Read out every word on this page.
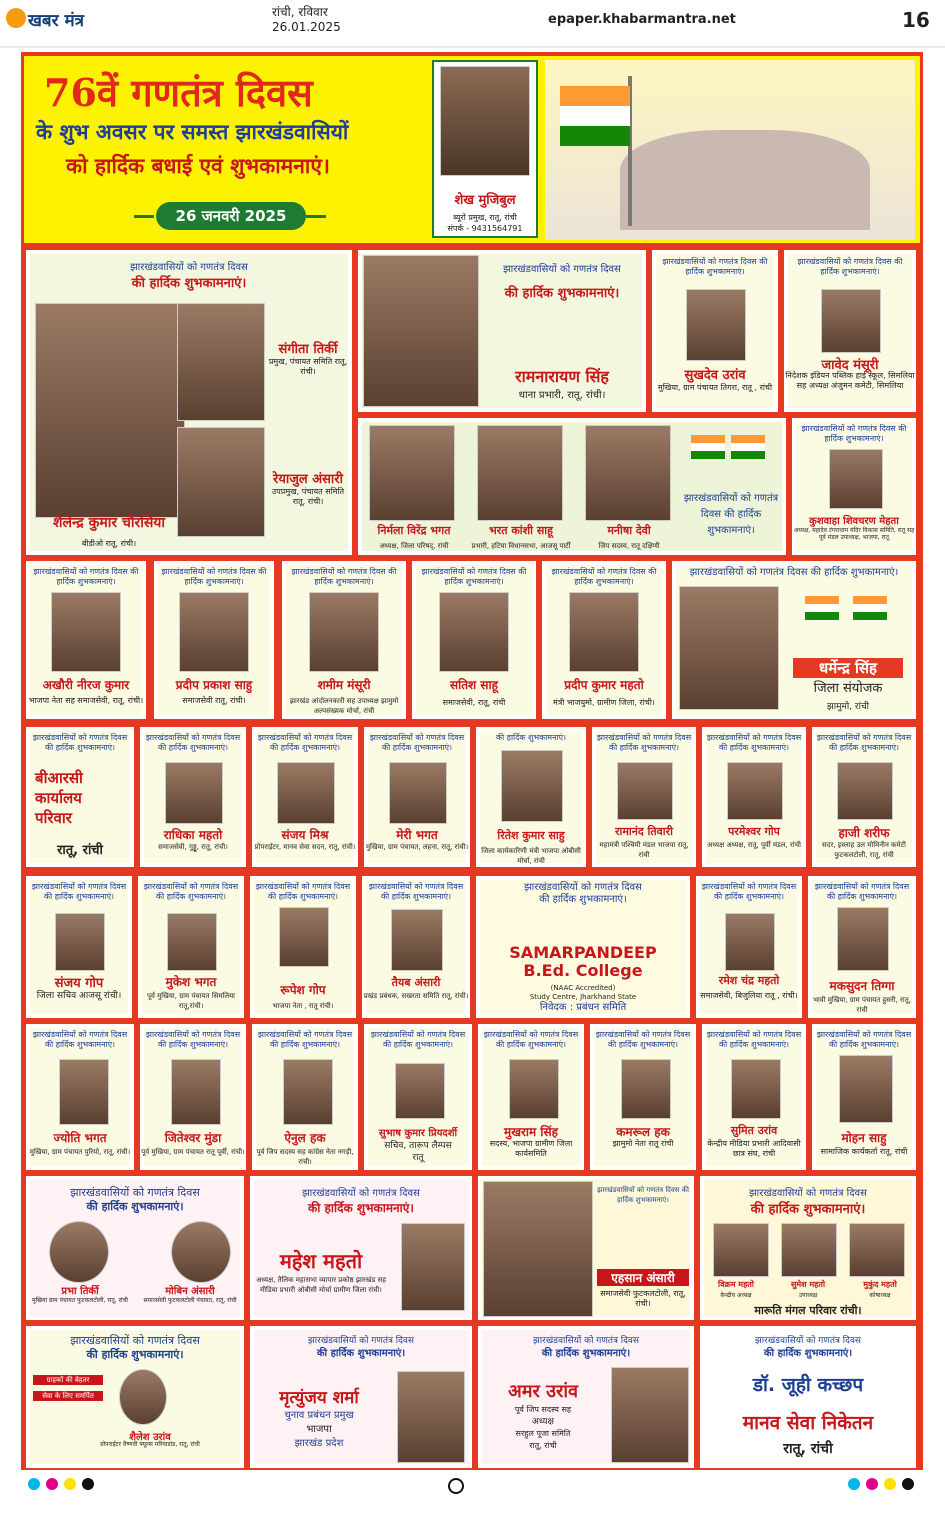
खबर मंत्र	रांची, रविवार
26.01.2025	epaper.khabarmantra.net	16
76वें गणतंत्र दिवस
के शुभ अवसर पर समस्त झारखंडवासियों
को हार्दिक बधाई एवं शुभकामनाएं।
26 जनवरी 2025
शेख मुजिबुल
ब्यूरो प्रमुख, रातू, रांची
संपर्क - 9431564791
झारखंडवासियों को गणतंत्र दिवस
की हार्दिक शुभकामनाएं।
शैलेन्द्र कुमार चौरसिया
बीडीओ रातू, रांची।
संगीता तिर्की
प्रमुख, पंचायत समिति रातू, रांची।
रेयाजुल अंसारी
उपप्रमुख, पंचायत समिति रातू, रांची।
झारखंडवासियों को गणतंत्र दिवस
की हार्दिक शुभकामनाएं।
रामनारायण सिंह
थाना प्रभारी, रातू, रांची।
झारखंडवासियों को गणतंत्र दिवस की हार्दिक शुभकामनाएं।
सुखदेव उरांव
मुखिया, ग्राम पंचायत तिगरा, रातू , रांची
झारखंडवासियों को गणतंत्र दिवस की हार्दिक शुभकामनाएं।
जावेद मंसूरी
निदेशक इंडियन पब्लिक हाई स्कूल, सिमलिया सह अध्यक्ष अंजुमन कमेटी, सिमलिया
निर्मला विरेंद्र भगत
अध्यक्ष, जिला परिषद्, रांची
भरत कांशी साहू
प्रभारी, हटिया विधानसभा, आजसू पार्टी
मनीषा देवी
जिप सदस्य, रातू दक्षिणी
झारखंडवासियों को गणतंत्र दिवस की हार्दिक शुभकामनाएं।
झारखंडवासियों को गणतंत्र दिवस की हार्दिक शुभकामनाएं।
कुशवाहा शिवचरण मेहता
अध्यक्ष, महादेव टंगराधाम मंदिर विकास समिति, रातू सह पूर्व मंडल उपाध्यक्ष, भाजपा, रातू
झारखंडवासियों को गणतंत्र दिवस की हार्दिक शुभकामनाएं।
अखौरी नीरज कुमार
भाजपा नेता सह समाजसेवी, रातू, रांची।
झारखंडवासियों को गणतंत्र दिवस की हार्दिक शुभकामनाएं।
प्रदीप प्रकाश साहु
समाजसेवी रातू, रांची।
झारखंडवासियों को गणतंत्र दिवस की हार्दिक शुभकामनाएं।
शमीम मंसूरी
झारखंड आंदोलनकारी सह उपाध्यक्ष झामुमो अल्पसंख्यक मोर्चा, रांची
झारखंडवासियों को गणतंत्र दिवस की हार्दिक शुभकामनाएं।
सतिश साहू
समाजसेवी, रातू, रांची
झारखंडवासियों को गणतंत्र दिवस की हार्दिक शुभकामनाएं।
प्रदीप कुमार महतो
मंत्री भाजयुमो, ग्रामीण जिला, रांची।
झारखंडवासियों को गणतंत्र दिवस की हार्दिक शुभकामनाएं।
धर्मेन्द्र सिंह
जिला संयोजक
झामुमो, रांची
झारखंडवासियों को गणतंत्र दिवस की हार्दिक शुभकामनाएं।
बीआरसी
कार्यालय
परिवार
रातू, रांची
झारखंडवासियों को गणतंत्र दिवस की हार्दिक शुभकामनाएं।
राधिका महतो
समाजसेवी, गुड्डू, रातू, रांची।
झारखंडवासियों को गणतंत्र दिवस की हार्दिक शुभकामनाएं।
संजय मिश्र
प्रोपराईटर, मानव सेवा सदन, रातू, रांची।
झारखंडवासियों को गणतंत्र दिवस की हार्दिक शुभकामनाएं।
मेरी भगत
मुखिया, ग्राम पंचायत, लहना, रातू, रांची।
की हार्दिक शुभकामनाएं।
रितेश कुमार साहु
जिला कार्यकारिणी मंत्री भाजपा ओबीसी मोर्चा, रांची
झारखंडवासियों को गणतंत्र दिवस की हार्दिक शुभकामनाएं।
रामानंद तिवारी
महामंत्री पश्चिमी मंडल भाजपा रातू, रांची
झारखंडवासियों को गणतंत्र दिवस की हार्दिक शुभकामनाएं।
परमेश्वर गोप
अध्यक्ष अध्यक्ष, रातू, पूर्वी मंडल, रांची
झारखंडवासियों को गणतंत्र दिवस की हार्दिक शुभकामनाएं।
हाजी शरीफ
सदर, इस्लाह उल मोमिनीन कमेटी फुटकलटोली, रातू, रांची
झारखंडवासियों को गणतंत्र दिवस की हार्दिक शुभकामनाएं।
संजय गोप
जिला सचिव आजसू रांची।
झारखंडवासियों को गणतंत्र दिवस की हार्दिक शुभकामनाएं।
मुकेश भगत
पूर्व मुखिया, ग्राम पंचायत सिमलिया रातू,रांची।
झारखंडवासियों को गणतंत्र दिवस की हार्दिक शुभकामनाएं।
रूपेश गोप
भाजपा नेता , रातू रांची।
झारखंडवासियों को गणतंत्र दिवस की हार्दिक शुभकामनाएं।
तैयब अंसारी
प्रखंड प्रबंधक, सखरता समिति रातू, रांची।
झारखंडवासियों को गणतंत्र दिवस
की हार्दिक शुभकामनाएं।
SAMARPANDEEP
B.Ed. College
(NAAC Accredited)
Study Centre, Jharkhand State
निवेदक : प्रबंधन समिति
झारखंडवासियों को गणतंत्र दिवस की हार्दिक शुभकामनाएं।
रमेश चंद्र महतो
समाजसेवी, बिजुलिया रातू , रांची।
झारखंडवासियों को गणतंत्र दिवस की हार्दिक शुभकामनाएं।
मकसुदन तिग्गा
भावी मुखिया, ग्राम पंचायत हुसरी, रातू, रांची
झारखंडवासियों को गणतंत्र दिवस की हार्दिक शुभकामनाएं।
ज्योति भगत
मुखिया, ग्राम पंचायत पुरियो, रातू, रांची।
झारखंडवासियों को गणतंत्र दिवस की हार्दिक शुभकामनाएं।
जितेश्वर मुंडा
पूर्व मुखिया, ग्राम पंचायत रातू पूर्वी, रांची।
झारखंडवासियों को गणतंत्र दिवस की हार्दिक शुभकामनाएं।
ऐनुल हक
पूर्व जिप सदस्य सह कांग्रेस नेता नगड़ी, रांची।
झारखंडवासियों को गणतंत्र दिवस की हार्दिक शुभकामनाएं।
सुभाष कुमार प्रियदर्शी
सचिव, तारूप लैम्पस
रातू
झारखंडवासियों को गणतंत्र दिवस की हार्दिक शुभकामनाएं।
मुखराम सिंह
सदस्य, भाजपा ग्रामीण जिला कार्यसमिति
झारखंडवासियों को गणतंत्र दिवस की हार्दिक शुभकामनाएं।
कमरूल हक
झामुमो नेता रातू रांची
झारखंडवासियों को गणतंत्र दिवस की हार्दिक शुभकामनाएं।
सुमित उरांव
केन्द्रीय मीडिया प्रभारी आदिवासी छात्र संघ, रांची
झारखंडवासियों को गणतंत्र दिवस की हार्दिक शुभकामनाएं।
मोहन साहु
सामाजिक कार्यकर्ता रातू, रांची
झारखंडवासियों को गणतंत्र दिवस
की हार्दिक शुभकामनाएं।
प्रभा तिर्की
मुखिया ग्राम पंचायत फुटकलटोली, रातू, रांची
मोबिन अंसारी
समाजसेवी फुटकलटोली पंचायत, रातू, रांची
झारखंडवासियों को गणतंत्र दिवस
की हार्दिक शुभकामनाएं।
महेश महतो
अध्यक्ष, तैलिक महासभा व्यापार प्रकोष्ठ झारखंड सह मीडिया प्रभारी ओबीसी मोर्चा ग्रामीण जिला रांची।
झारखंडवासियों को गणतंत्र दिवस की हार्दिक शुभकामनाएं।
एहसान अंसारी
समाजसेवी फुटकलटोली, रातू, रांची।
झारखंडवासियों को गणतंत्र दिवस
की हार्दिक शुभकामनाएं।
विक्रम महतो
केन्द्रीय अध्यक्ष
सुमेश महतो
उपाध्यक्ष
मुकुंद महतो
कोषाध्यक्ष
मारूति मंगल परिवार रांची।
झारखंडवासियों को गणतंत्र दिवस
की हार्दिक शुभकामनाएं।
ग्राहकों की बेहतर
सेवा के लिए समर्पित
शैलेश उरांव
प्रोपराईटर वैष्णवी फ्यूल्स मरियाडांड, रातू, रांची
झारखंडवासियों को गणतंत्र दिवस
की हार्दिक शुभकामनाएं।
मृत्युंजय शर्मा
चुनाव प्रबंधन प्रमुख
भाजपा
झारखंड प्रदेश
झारखंडवासियों को गणतंत्र दिवस
की हार्दिक शुभकामनाएं।
अमर उरांव
पूर्व जिप सदस्य सह
अध्यक्ष
सरहुल पूजा समिति
रातू, रांची
झारखंडवासियों को गणतंत्र दिवस
की हार्दिक शुभकामनाएं।
डॉ. जूही कच्छप
मानव सेवा निकेतन
रातू, रांची
